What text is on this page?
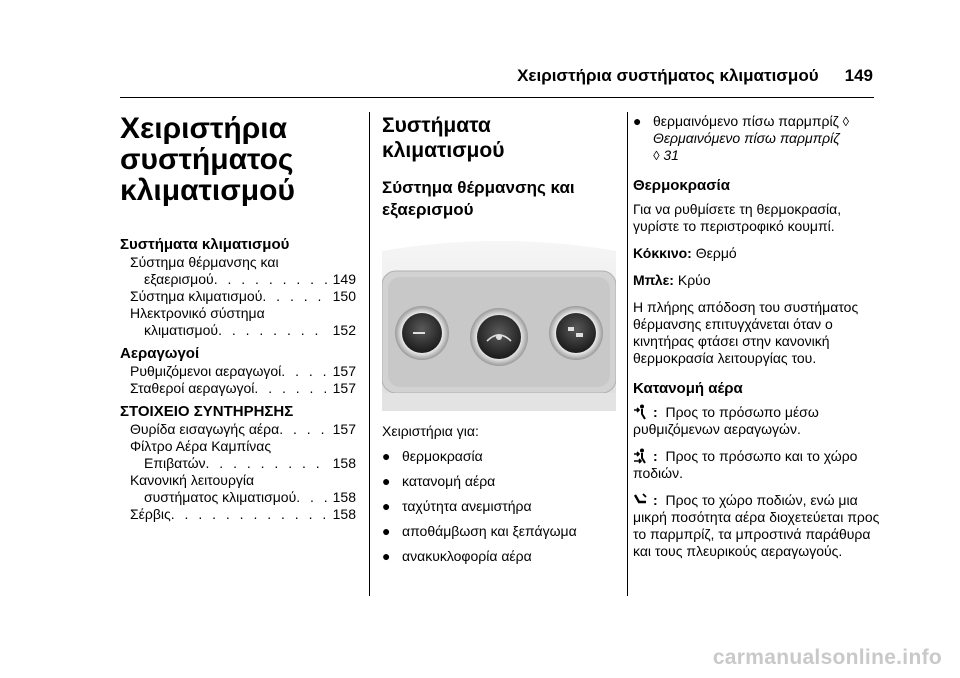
Χειριστήρια συστήματος κλιματισμού 149
Χειριστήρια
συστήματος
κλιματισμού
Συστήματα κλιματισμού
Σύστημα θέρμανσης και
εξαερισμού . . .	149
Σύστημα κλιματισμού . . .	150
Ηλεκτρονικό σύστημα
κλιματισμού . . .	152
Αεραγωγοί
Ρυθμιζόμενοι αεραγωγοί . . .	157
Σταθεροί αεραγωγοί . . .	157
ΣΤΟΙΧΕΙΟ ΣΥΝΤΗΡΗΣΗΣ
Θυρίδα εισαγωγής αέρα . . .	157
Φίλτρο Αέρα Καμπίνας
Επιβατών . . .	158
Κανονική λειτουργία
συστήματος κλιματισμού . . .	158
Σέρβις . . .	158
Συστήματα
κλιματισμού
Σύστημα θέρμανσης και
εξαερισμού
Χειριστήρια για:
● θερμοκρασία
● κατανομή αέρα
● ταχύτητα ανεμιστήρα
● αποθάμβωση και ξεπάγωμα
● ανακυκλοφορία αέρα
● θερμαινόμενο πίσω παρμπρίζ ◊
Θερμαινόμενο πίσω παρμπρίζ
◊ 31
Θερμοκρασία
Για να ρυθμίσετε τη θερμοκρασία, γυρίστε το περιστροφικό κουμπί.
Κόκκινο: Θερμό
Μπλε: Κρύο
Η πλήρης απόδοση του συστήματος θέρμανσης επιτυγχάνεται όταν ο κινητήρας φτάσει στην κανονική θερμοκρασία λειτουργίας του.
Κατανομή αέρα
: Προς το πρόσωπο μέσω ρυθμιζόμενων αεραγωγών.
: Προς το πρόσωπο και το χώρο ποδιών.
: Προς το χώρο ποδιών, ενώ μια μικρή ποσότητα αέρα διοχετεύεται προς το παρμπρίζ, τα μπροστινά παράθυρα και τους πλευρικούς αεραγωγούς.
carmanualsonline.info
